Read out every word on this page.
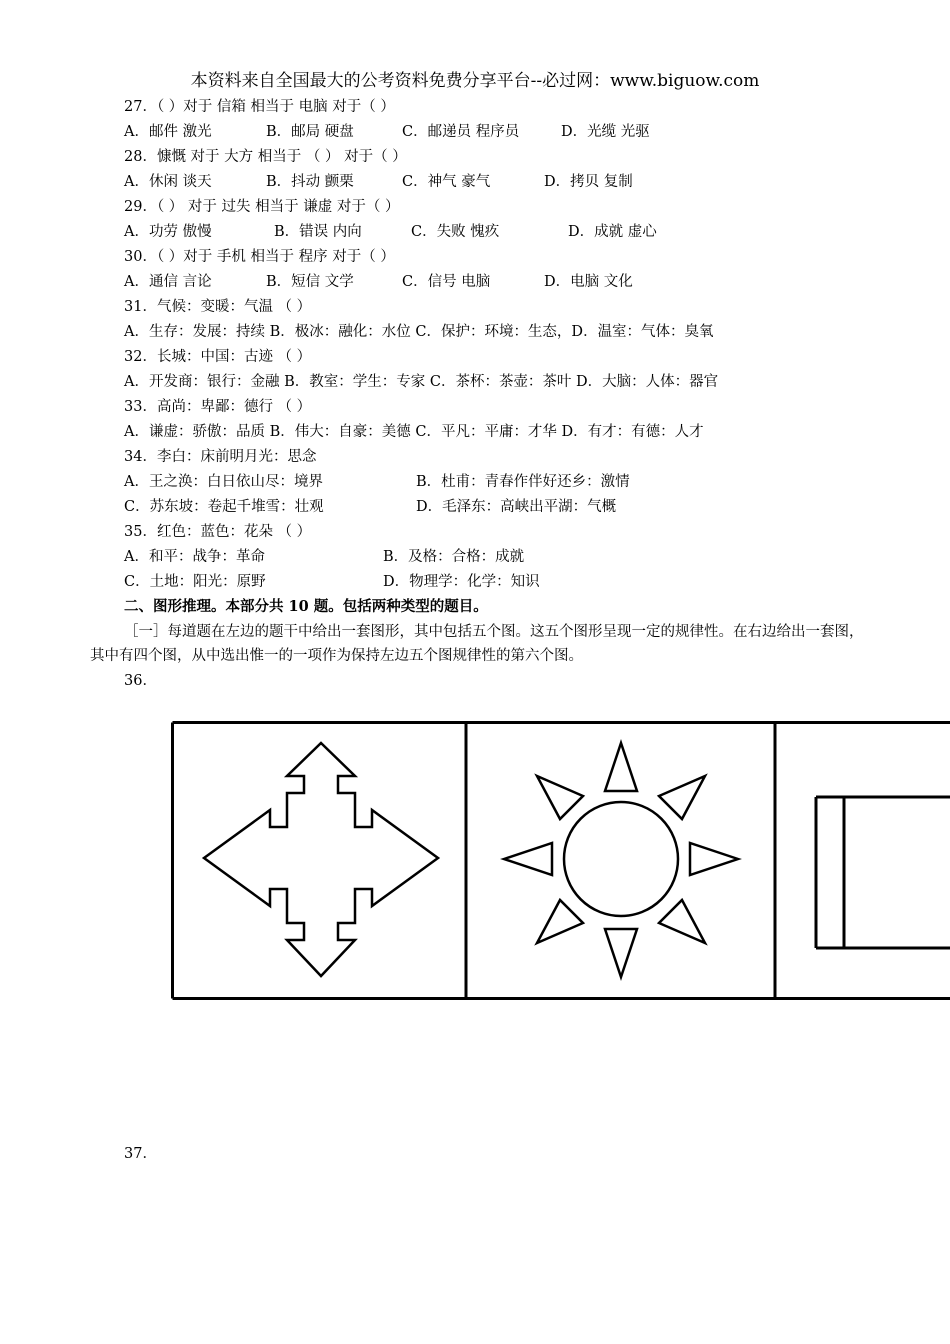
本资料来自全国最大的公考资料免费分享平台--必过网：www.biguow.com
27．（ ）对于 信箱 相当于 电脑 对于（ ）
A．邮件 激光	B．邮局 硬盘	C．邮递员 程序员	D．光缆 光驱
28．慷慨 对于 大方 相当于 （ ） 对于（ ）
A．休闲 谈天	B．抖动 颤栗	C．神气 豪气	D．拷贝 复制
29．（ ） 对于 过失 相当于 谦虚 对于（ ）
A．功劳 傲慢	B．错误 内向	C．失败 愧疚	D．成就 虚心
30．（ ）对于 手机 相当于 程序 对于（ ）
A．通信 言论	B．短信 文学	C．信号 电脑	D．电脑 文化
31．气候：变暖：气温 （ ）
A．生存：发展：持续 B．极冰：融化：水位 C．保护：环境：生态，D．温室：气体：臭氧
32．长城：中国：古迹 （ ）
A．开发商：银行：金融 B．教室：学生：专家 C．茶杯：茶壶：茶叶 D．大脑：人体：器官
33．高尚：卑鄙：德行 （ ）
A．谦虚：骄傲：品质 B．伟大：自豪：美德 C．平凡：平庸：才华 D．有才：有德：人才
34．李白：床前明月光：思念
A．王之涣：白日依山尽：境界	B．杜甫：青春作伴好还乡：激情
C．苏东坡：卷起千堆雪：壮观	D．毛泽东：高峡出平湖：气概
35．红色：蓝色：花朵 （ ）
A．和平：战争：革命	B．及格：合格：成就
C．土地：阳光：原野	D．物理学：化学：知识
二、图形推理。本部分共 10 题。包括两种类型的题目。
［一］每道题在左边的题干中给出一套图形，其中包括五个图。这五个图形呈现一定的规律性。在右边给出一套图，其中有四个图，从中选出惟一的一项作为保持左边五个图规律性的第六个图。
36．
37．
